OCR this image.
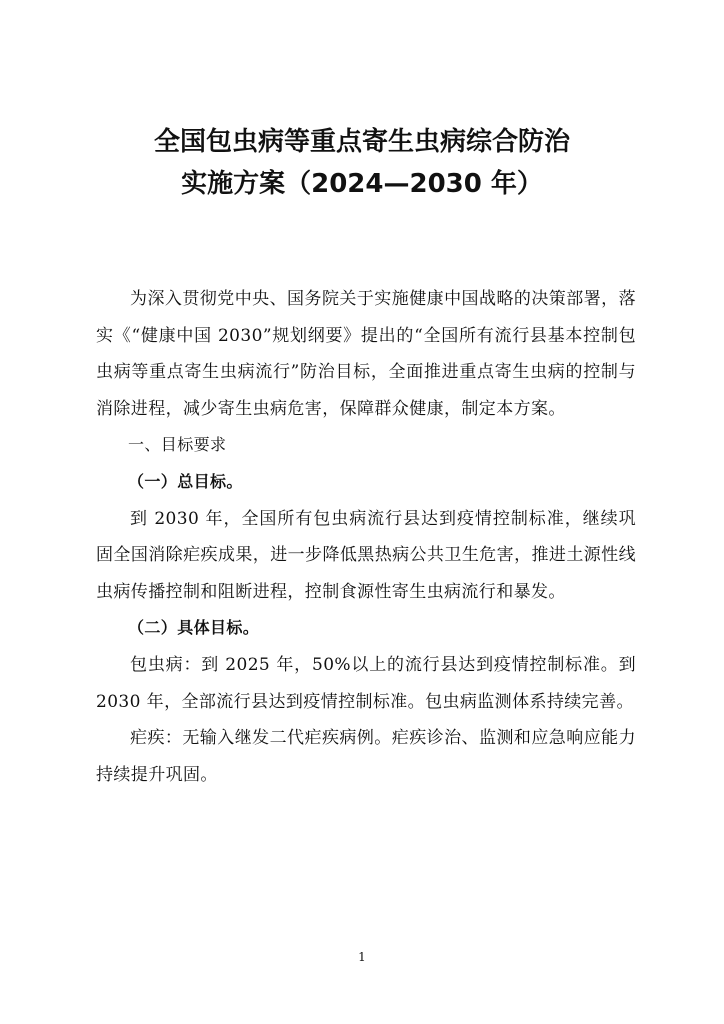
全国包虫病等重点寄生虫病综合防治
实施方案（2024—2030 年）

为深入贯彻党中央、国务院关于实施健康中国战略的决策部署，落实《“健康中国 2030”规划纲要》提出的“全国所有流行县基本控制包虫病等重点寄生虫病流行”防治目标，全面推进重点寄生虫病的控制与消除进程，减少寄生虫病危害，保障群众健康，制定本方案。

一、目标要求

（一）总目标。

到 2030 年，全国所有包虫病流行县达到疫情控制标准，继续巩固全国消除疟疾成果，进一步降低黑热病公共卫生危害，推进土源性线虫病传播控制和阻断进程，控制食源性寄生虫病流行和暴发。

（二）具体目标。

包虫病：到 2025 年，50%以上的流行县达到疫情控制标准。到 2030 年，全部流行县达到疫情控制标准。包虫病监测体系持续完善。

疟疾：无输入继发二代疟疾病例。疟疾诊治、监测和应急响应能力持续提升巩固。

1
